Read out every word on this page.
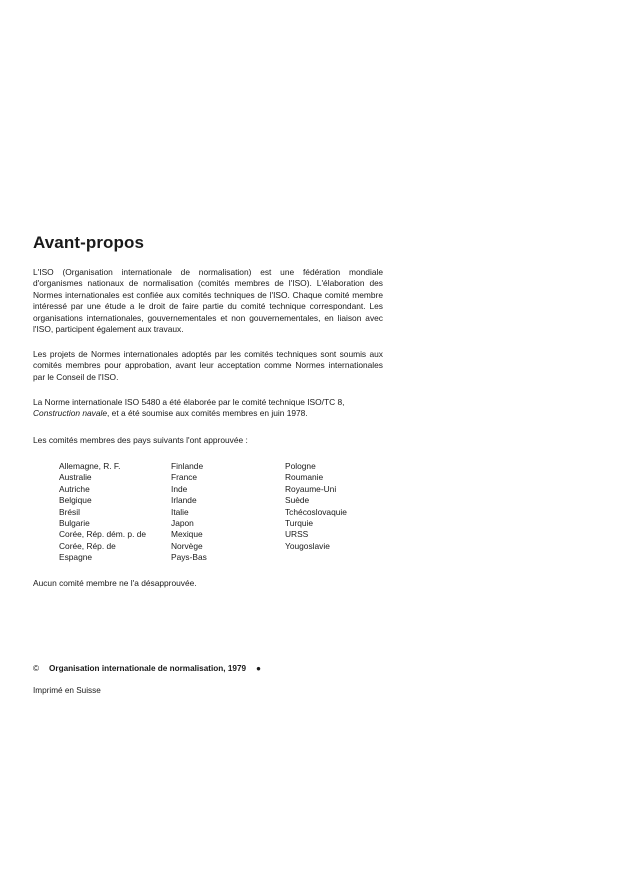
Avant-propos

L'ISO (Organisation internationale de normalisation) est une fédération mondiale d'organismes nationaux de normalisation (comités membres de l'ISO). L'élaboration des Normes internationales est confiée aux comités techniques de l'ISO. Chaque comité membre intéressé par une étude a le droit de faire partie du comité technique correspondant. Les organisations internationales, gouvernementales et non gouvernementales, en liaison avec l'ISO, participent également aux travaux.

Les projets de Normes internationales adoptés par les comités techniques sont soumis aux comités membres pour approbation, avant leur acceptation comme Normes internationales par le Conseil de l'ISO.

La Norme internationale ISO 5480 a été élaborée par le comité technique ISO/TC 8,
Construction navale, et a été soumise aux comités membres en juin 1978.

Les comités membres des pays suivants l'ont approuvée :

Allemagne, R. F.
Australie
Autriche
Belgique
Brésil
Bulgarie
Corée, Rép. dém. p. de
Corée, Rép. de
Espagne
Finlande
France
Inde
Irlande
Italie
Japon
Mexique
Norvège
Pays-Bas
Pologne
Roumanie
Royaume-Uni
Suède
Tchécoslovaquie
Turquie
URSS
Yougoslavie

Aucun comité membre ne l'a désapprouvée.

© Organisation internationale de normalisation, 1979 ●
Imprimé en Suisse
